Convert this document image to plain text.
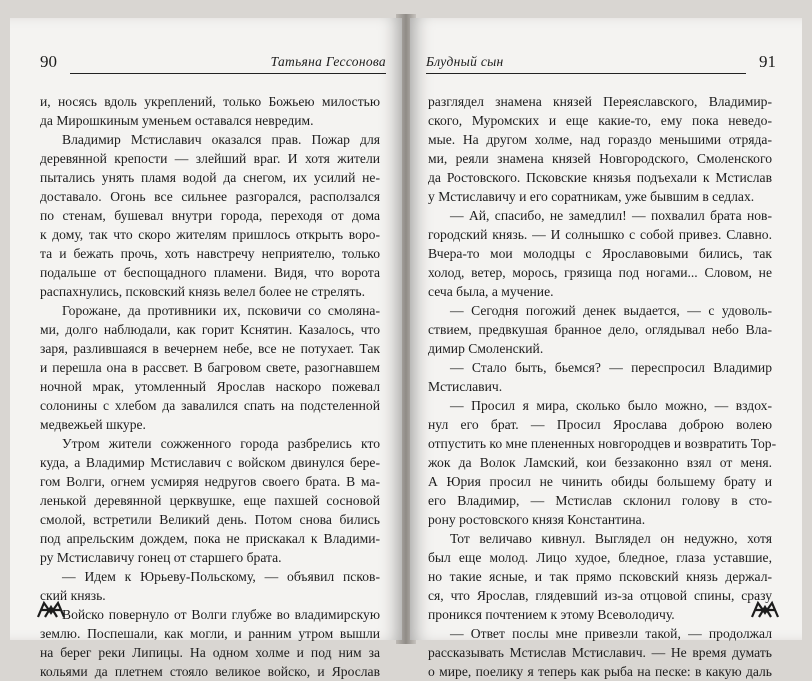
90	Татьяна Гессонова
и, носясь вдоль укреплений, только Божьею милостью
да Мирошкиным уменьем оставался невредим.
Владимир Мстиславич оказался прав. Пожар для
деревянной крепости — злейший враг. И хотя жители
пытались унять пламя водой да снегом, их усилий не-
доставало. Огонь все сильнее разгорался, расползался
по стенам, бушевал внутри города, переходя от дома
к дому, так что скоро жителям пришлось открыть воро-
та и бежать прочь, хоть навстречу неприятелю, только
подальше от беспощадного пламени. Видя, что ворота
распахнулись, псковский князь велел более не стрелять.
Горожане, да противники их, псковичи со смолянa-
ми, долго наблюдали, как горит Кснятин. Казалось, что
заря, разлившаяся в вечернем небе, все не потухает. Так
и перешла она в рассвет. В багровом свете, разогнавшем
ночной мрак, утомленный Ярослав наскоро пожевал
солонины с хлебом да завалился спать на подстеленной
медвежьей шкуре.
Утром жители сожженного города разбрелись кто
куда, а Владимир Мстиславич с войском двинулся бере-
гом Волги, огнем усмиряя недругов своего брата. В ма-
ленькой деревянной церквушке, еще пахшей сосновой
смолой, встретили Великий день. Потом снова бились
под апрельским дождем, пока не прискакал к Владими-
ру Мстиславичу гонец от старшего брата.
— Идем к Юрьеву-Польскому, — объявил псков-
ский князь.
Войско повернуло от Волги глубже во владимирскую
землю. Поспешали, как могли, и ранним утром вышли
на берег реки Липицы. На одном холме и под ним за
кольями да плетнем стояло великое войско, и Ярослав
Блудный сын	91
разглядел знамена князей Переяславского, Владимир-
ского, Муромских и еще какие-то, ему пока неведо-
мые. На другом холме, над гораздо меньшими отряда-
ми, реяли знамена князей Новгородского, Смоленского
да Ростовского. Псковские князья подъехали к Мстислав
у Мстиславичу и его соратникам, уже бывшим в седлах.
— Ай, спасибо, не замедлил! — похвалил брата нов-
городский князь. — И солнышко с собой привез. Славно.
Вчера-то мои молодцы с Ярославовыми бились, так
холод, ветер, морось, грязища под ногами... Словом, не
сеча была, а мучение.
— Сегодня погожий денек выдается, — с удоволь-
ствием, предвкушая бранное дело, оглядывал небо Вла-
димир Смоленский.
— Стало быть, бьемся? — переспросил Владимир
Мстиславич.
— Просил я мира, сколько было можно, — вздох-
нул его брат. — Просил Ярослава доброю волею
отпустить ко мне плененных новгородцев и возвратить Тор-
жок да Волок Ламский, кои беззаконно взял от меня.
А Юрия просил не чинить обиды большему брату и
его Владимир, — Мстислав склонил голову в сто-
рону ростовского князя Константина.
Тот величаво кивнул. Выглядел он недужно, хотя
был еще молод. Лицо худое, бледное, глаза уставшие,
но такие ясные, и так прямо псковский князь держал-
ся, что Ярослав, глядевший из-за отцовой спины, сразу
проникся почтением к этому Всеволодичу.
— Ответ послы мне привезли такой, — продолжал
рассказывать Мстислав Мстиславич. — Не время думать
о мире, поелику я теперь как рыба на песке: в какую даль
